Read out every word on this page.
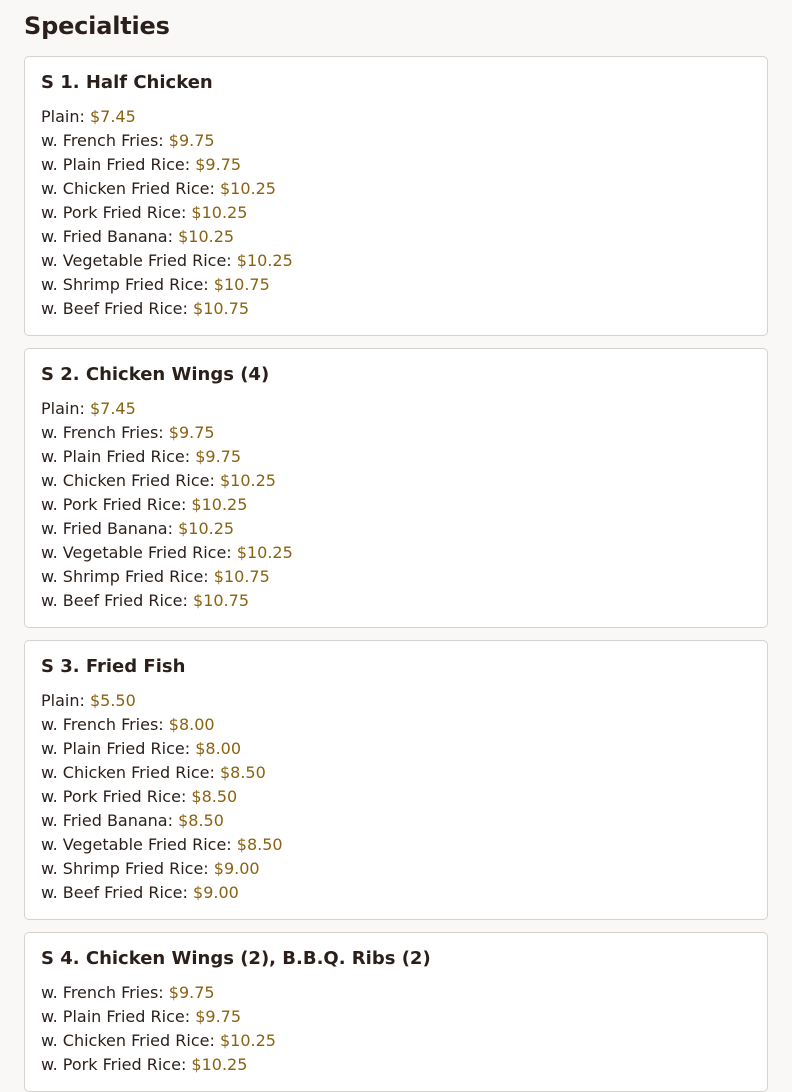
Specialties
S 1. Half Chicken
Plain: $7.45
w. French Fries: $9.75
w. Plain Fried Rice: $9.75
w. Chicken Fried Rice: $10.25
w. Pork Fried Rice: $10.25
w. Fried Banana: $10.25
w. Vegetable Fried Rice: $10.25
w. Shrimp Fried Rice: $10.75
w. Beef Fried Rice: $10.75
S 2. Chicken Wings (4)
Plain: $7.45
w. French Fries: $9.75
w. Plain Fried Rice: $9.75
w. Chicken Fried Rice: $10.25
w. Pork Fried Rice: $10.25
w. Fried Banana: $10.25
w. Vegetable Fried Rice: $10.25
w. Shrimp Fried Rice: $10.75
w. Beef Fried Rice: $10.75
S 3. Fried Fish
Plain: $5.50
w. French Fries: $8.00
w. Plain Fried Rice: $8.00
w. Chicken Fried Rice: $8.50
w. Pork Fried Rice: $8.50
w. Fried Banana: $8.50
w. Vegetable Fried Rice: $8.50
w. Shrimp Fried Rice: $9.00
w. Beef Fried Rice: $9.00
S 4. Chicken Wings (2), B.B.Q. Ribs (2)
w. French Fries: $9.75
w. Plain Fried Rice: $9.75
w. Chicken Fried Rice: $10.25
w. Pork Fried Rice: $10.25
